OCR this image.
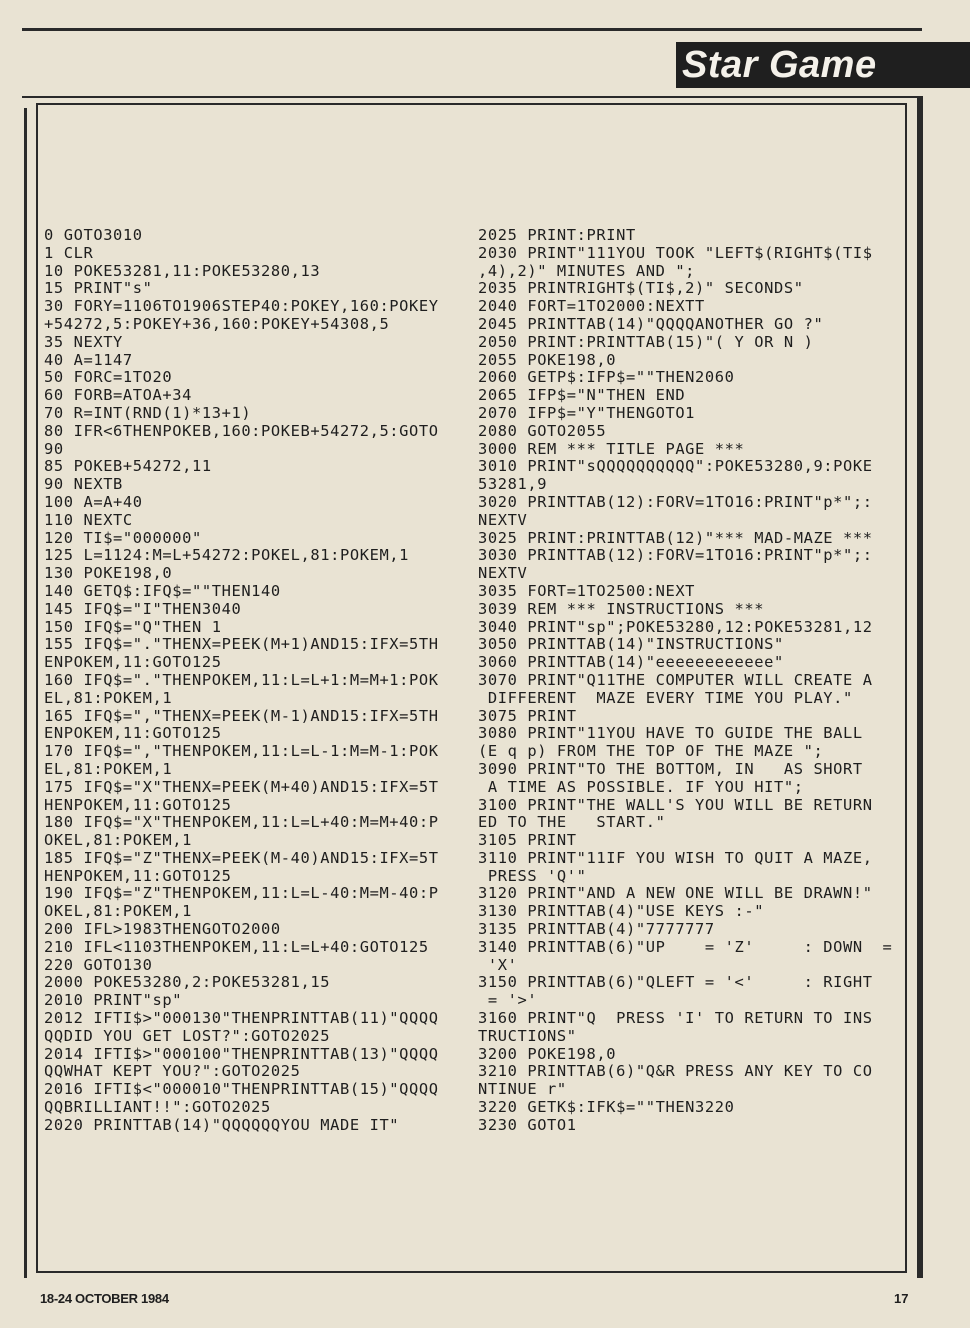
Star Game
0 GOTO3010
1 CLR
10 POKE53281,11:POKE53280,13
15 PRINT"s"
30 FORY=1106TO1906STEP40:POKEY,160:POKEY
+54272,5:POKEY+36,160:POKEY+54308,5
35 NEXTY
40 A=1147
50 FORC=1TO20
60 FORB=ATOA+34
70 R=INT(RND(1)*13+1)
80 IFR<6THENPOKEB,160:POKEB+54272,5:GOTO
90
85 POKEB+54272,11
90 NEXTB
100 A=A+40
110 NEXTC
120 TI$="000000"
125 L=1124:M=L+54272:POKEL,81:POKEM,1
130 POKE198,0
140 GETQ$:IFQ$=""THEN140
145 IFQ$="I"THEN3040
150 IFQ$="Q"THEN 1
155 IFQ$="."THENX=PEEK(M+1)AND15:IFX=5TH
ENPOKEM,11:GOTO125
160 IFQ$="."THENPOKEM,11:L=L+1:M=M+1:POK
EL,81:POKEM,1
165 IFQ$=","THENX=PEEK(M-1)AND15:IFX=5TH
ENPOKEM,11:GOTO125
170 IFQ$=","THENPOKEM,11:L=L-1:M=M-1:POK
EL,81:POKEM,1
175 IFQ$="X"THENX=PEEK(M+40)AND15:IFX=5T
HENPOKEM,11:GOTO125
180 IFQ$="X"THENPOKEM,11:L=L+40:M=M+40:P
OKEL,81:POKEM,1
185 IFQ$="Z"THENX=PEEK(M-40)AND15:IFX=5T
HENPOKEM,11:GOTO125
190 IFQ$="Z"THENPOKEM,11:L=L-40:M=M-40:P
OKEL,81:POKEM,1
200 IFL>1983THENGOTO2000
210 IFL<1103THENPOKEM,11:L=L+40:GOTO125
220 GOTO130
2000 POKE53280,2:POKE53281,15
2010 PRINT"sp"
2012 IFTI$>"000130"THENPRINTTAB(11)"QQQQ
QQDID YOU GET LOST?":GOTO2025
2014 IFTI$>"000100"THENPRINTTAB(13)"QQQQ
QQWHAT KEPT YOU?":GOTO2025
2016 IFTI$<"000010"THENPRINTTAB(15)"QQQQ
QQBRILLIANT!!":GOTO2025
2020 PRINTTAB(14)"QQQQQQYOU MADE IT"
2025 PRINT:PRINT
2030 PRINT"111YOU TOOK "LEFT$(RIGHT$(TI$
,4),2)" MINUTES AND ";
2035 PRINTRIGHT$(TI$,2)" SECONDS"
2040 FORT=1TO2000:NEXTT
2045 PRINTTAB(14)"QQQQANOTHER GO ?"
2050 PRINT:PRINTTAB(15)"( Y OR N )
2055 POKE198,0
2060 GETP$:IFP$=""THEN2060
2065 IFP$="N"THEN END
2070 IFP$="Y"THENGOTO1
2080 GOTO2055
3000 REM *** TITLE PAGE ***
3010 PRINT"sQQQQQQQQQQ":POKE53280,9:POKE
53281,9
3020 PRINTTAB(12):FORV=1TO16:PRINT"p*";:
NEXTV
3025 PRINT:PRINTTAB(12)"*** MAD-MAZE ***
3030 PRINTTAB(12):FORV=1TO16:PRINT"p*";:
NEXTV
3035 FORT=1TO2500:NEXT
3039 REM *** INSTRUCTIONS ***
3040 PRINT"sp";POKE53280,12:POKE53281,12
3050 PRINTTAB(14)"INSTRUCTIONS"
3060 PRINTTAB(14)"eeeeeeeeeeee"
3070 PRINT"Q11THE COMPUTER WILL CREATE A
DIFFERENT  MAZE EVERY TIME YOU PLAY."
3075 PRINT
3080 PRINT"11YOU HAVE TO GUIDE THE BALL
(E q p) FROM THE TOP OF THE MAZE ";
3090 PRINT"TO THE BOTTOM, IN   AS SHORT
A TIME AS POSSIBLE. IF YOU HIT";
3100 PRINT"THE WALL'S YOU WILL BE RETURN
ED TO THE   START."
3105 PRINT
3110 PRINT"11IF YOU WISH TO QUIT A MAZE,
PRESS 'Q'"
3120 PRINT"AND A NEW ONE WILL BE DRAWN!"
3130 PRINTTAB(4)"USE KEYS :-"
3135 PRINTTAB(4)"7777777
3140 PRINTTAB(6)"UP    = 'Z'     : DOWN  =
'X'
3150 PRINTTAB(6)"QLEFT = '<'     : RIGHT
= '>'
3160 PRINT"Q  PRESS 'I' TO RETURN TO INS
TRUCTIONS"
3200 POKE198,0
3210 PRINTTAB(6)"Q&R PRESS ANY KEY TO CO
NTINUE r"
3220 GETK$:IFK$=""THEN3220
3230 GOTO1
18-24 OCTOBER 1984	17
